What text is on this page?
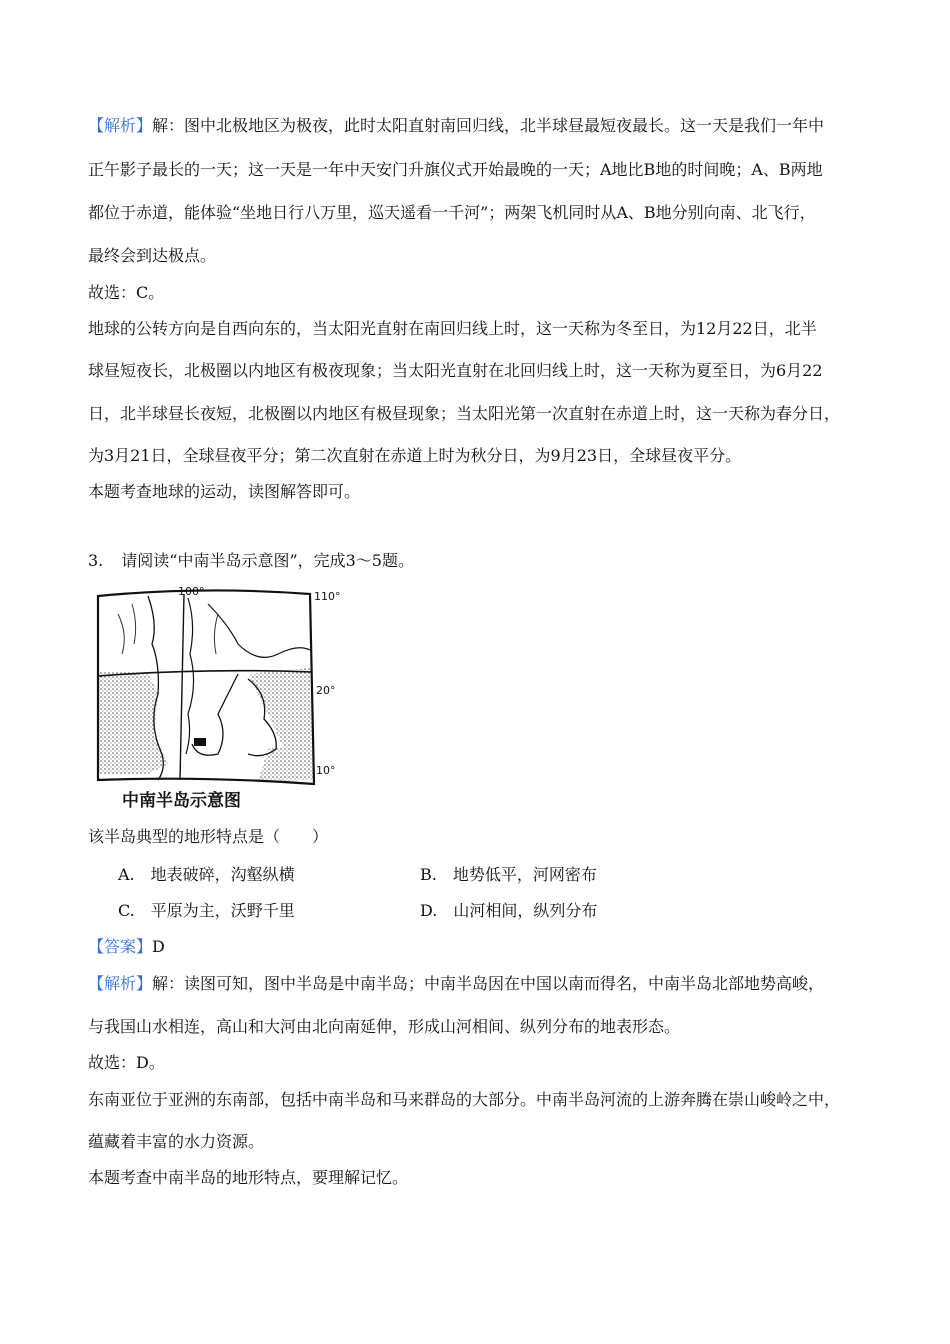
【解析】解：图中北极地区为极夜，此时太阳直射南回归线，北半球昼最短夜最长。这一天是我们一年中
正午影子最长的一天；这一天是一年中天安门升旗仪式开始最晚的一天；A地比B地的时间晚；A、B两地
都位于赤道，能体验“坐地日行八万里，巡天遥看一千河”；两架飞机同时从A、B地分别向南、北飞行，
最终会到达极点。
故选：C。
地球的公转方向是自西向东的，当太阳光直射在南回归线上时，这一天称为冬至日，为12月22日，北半
球昼短夜长，北极圈以内地区有极夜现象；当太阳光直射在北回归线上时，这一天称为夏至日，为6月22
日，北半球昼长夜短，北极圈以内地区有极昼现象；当太阳光第一次直射在赤道上时，这一天称为春分日，
为3月21日，全球昼夜平分；第二次直射在赤道上时为秋分日，为9月23日，全球昼夜平分。
本题考查地球的运动，读图解答即可。
3. 请阅读“中南半岛示意图”，完成3～5题。
100°	110°
20°
10°
中南半岛示意图
该半岛典型的地形特点是（　　）
A.　地表破碎，沟壑纵横	B.　地势低平，河网密布
C.　平原为主，沃野千里	D.　山河相间，纵列分布
【答案】D
【解析】解：读图可知，图中半岛是中南半岛；中南半岛因在中国以南而得名，中南半岛北部地势高峻，
与我国山水相连，高山和大河由北向南延伸，形成山河相间、纵列分布的地表形态。
故选：D。
东南亚位于亚洲的东南部，包括中南半岛和马来群岛的大部分。中南半岛河流的上游奔腾在崇山峻岭之中，
蕴藏着丰富的水力资源。
本题考查中南半岛的地形特点，要理解记忆。
